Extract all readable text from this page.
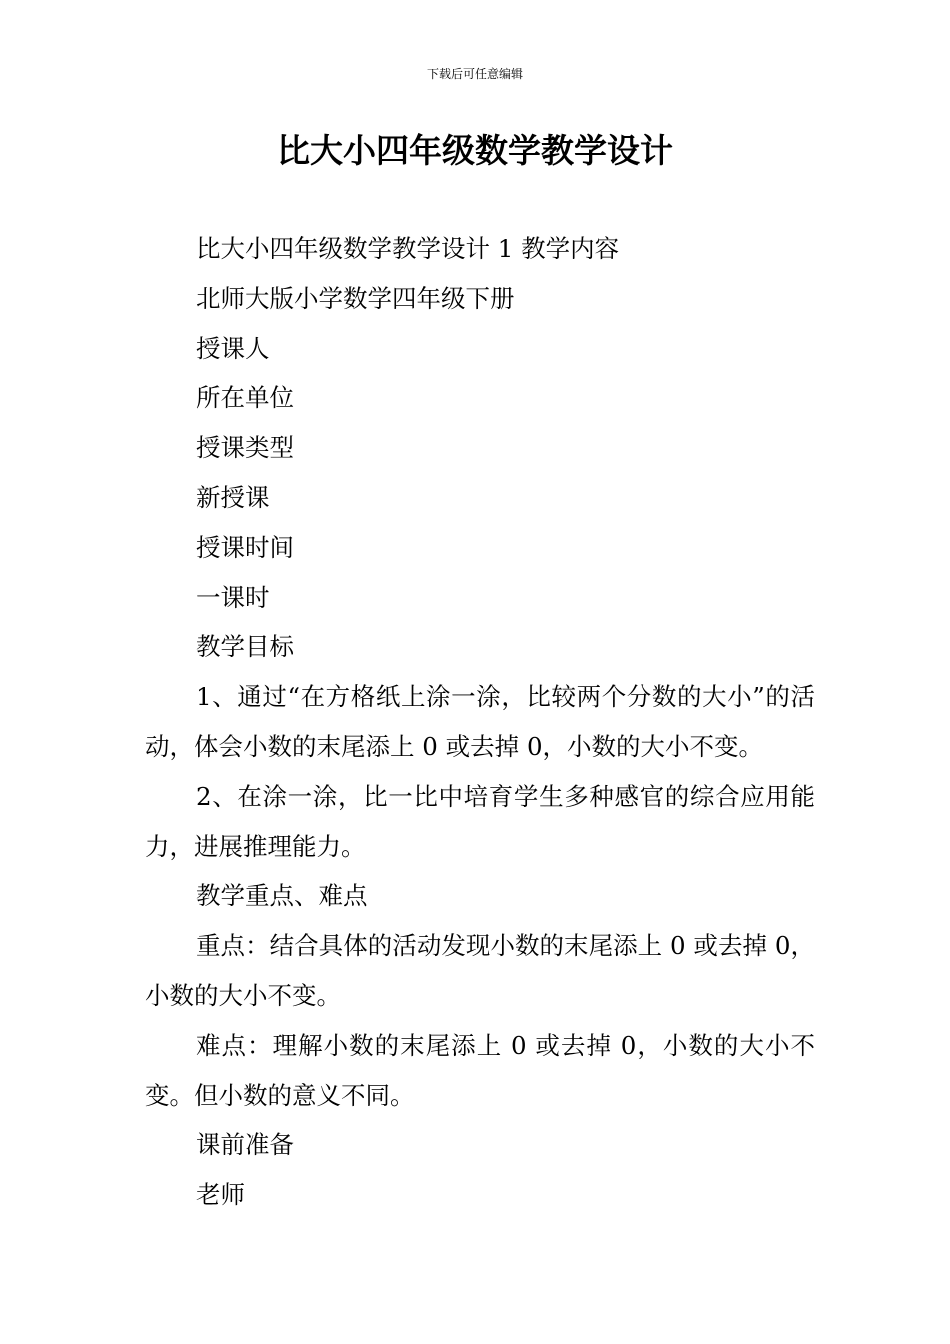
下载后可任意编辑
比大小四年级数学教学设计

比大小四年级数学教学设计 1 教学内容

北师大版小学数学四年级下册

授课人

所在单位

授课类型

新授课

授课时间

一课时

教学目标

1、通过“在方格纸上涂一涂，比较两个分数的大小”的活动，体会小数的末尾添上 0 或去掉 0，小数的大小不变。

2、在涂一涂，比一比中培育学生多种感官的综合应用能力，进展推理能力。

教学重点、难点

重点：结合具体的活动发现小数的末尾添上 0 或去掉 0，小数的大小不变。

难点：理解小数的末尾添上 0 或去掉 0，小数的大小不变。但小数的意义不同。

课前准备

老师
